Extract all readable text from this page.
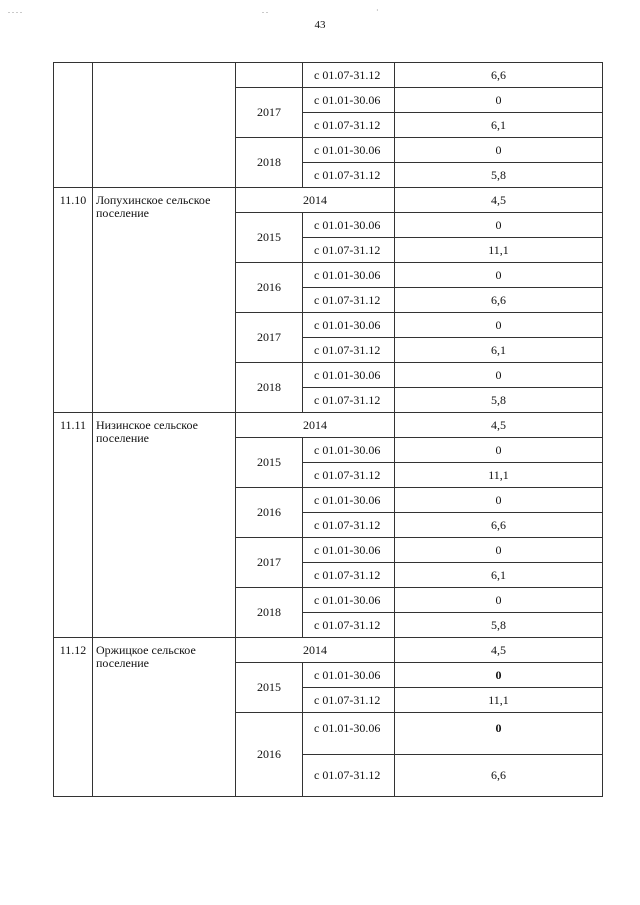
. . . .	. .	·
43
			с 01.07-31.12	6,6
		2017	с 01.01-30.06	0
			с 01.07-31.12	6,1
		2018	с 01.01-30.06	0
			с 01.07-31.12	5,8
11.10	Лопухинское сельское поселение	2014		4,5
		2015	с 01.01-30.06	0
			с 01.07-31.12	11,1
		2016	с 01.01-30.06	0
			с 01.07-31.12	6,6
		2017	с 01.01-30.06	0
			с 01.07-31.12	6,1
		2018	с 01.01-30.06	0
			с 01.07-31.12	5,8
11.11	Низинское сельское поселение	2014		4,5
		2015	с 01.01-30.06	0
			с 01.07-31.12	11,1
		2016	с 01.01-30.06	0
			с 01.07-31.12	6,6
		2017	с 01.01-30.06	0
			с 01.07-31.12	6,1
		2018	с 01.01-30.06	0
			с 01.07-31.12	5,8
11.12	Оржицкое сельское поселение	2014		4,5
		2015	с 01.01-30.06	0
			с 01.07-31.12	11,1
		2016	с 01.01-30.06	0
			с 01.07-31.12	6,6
